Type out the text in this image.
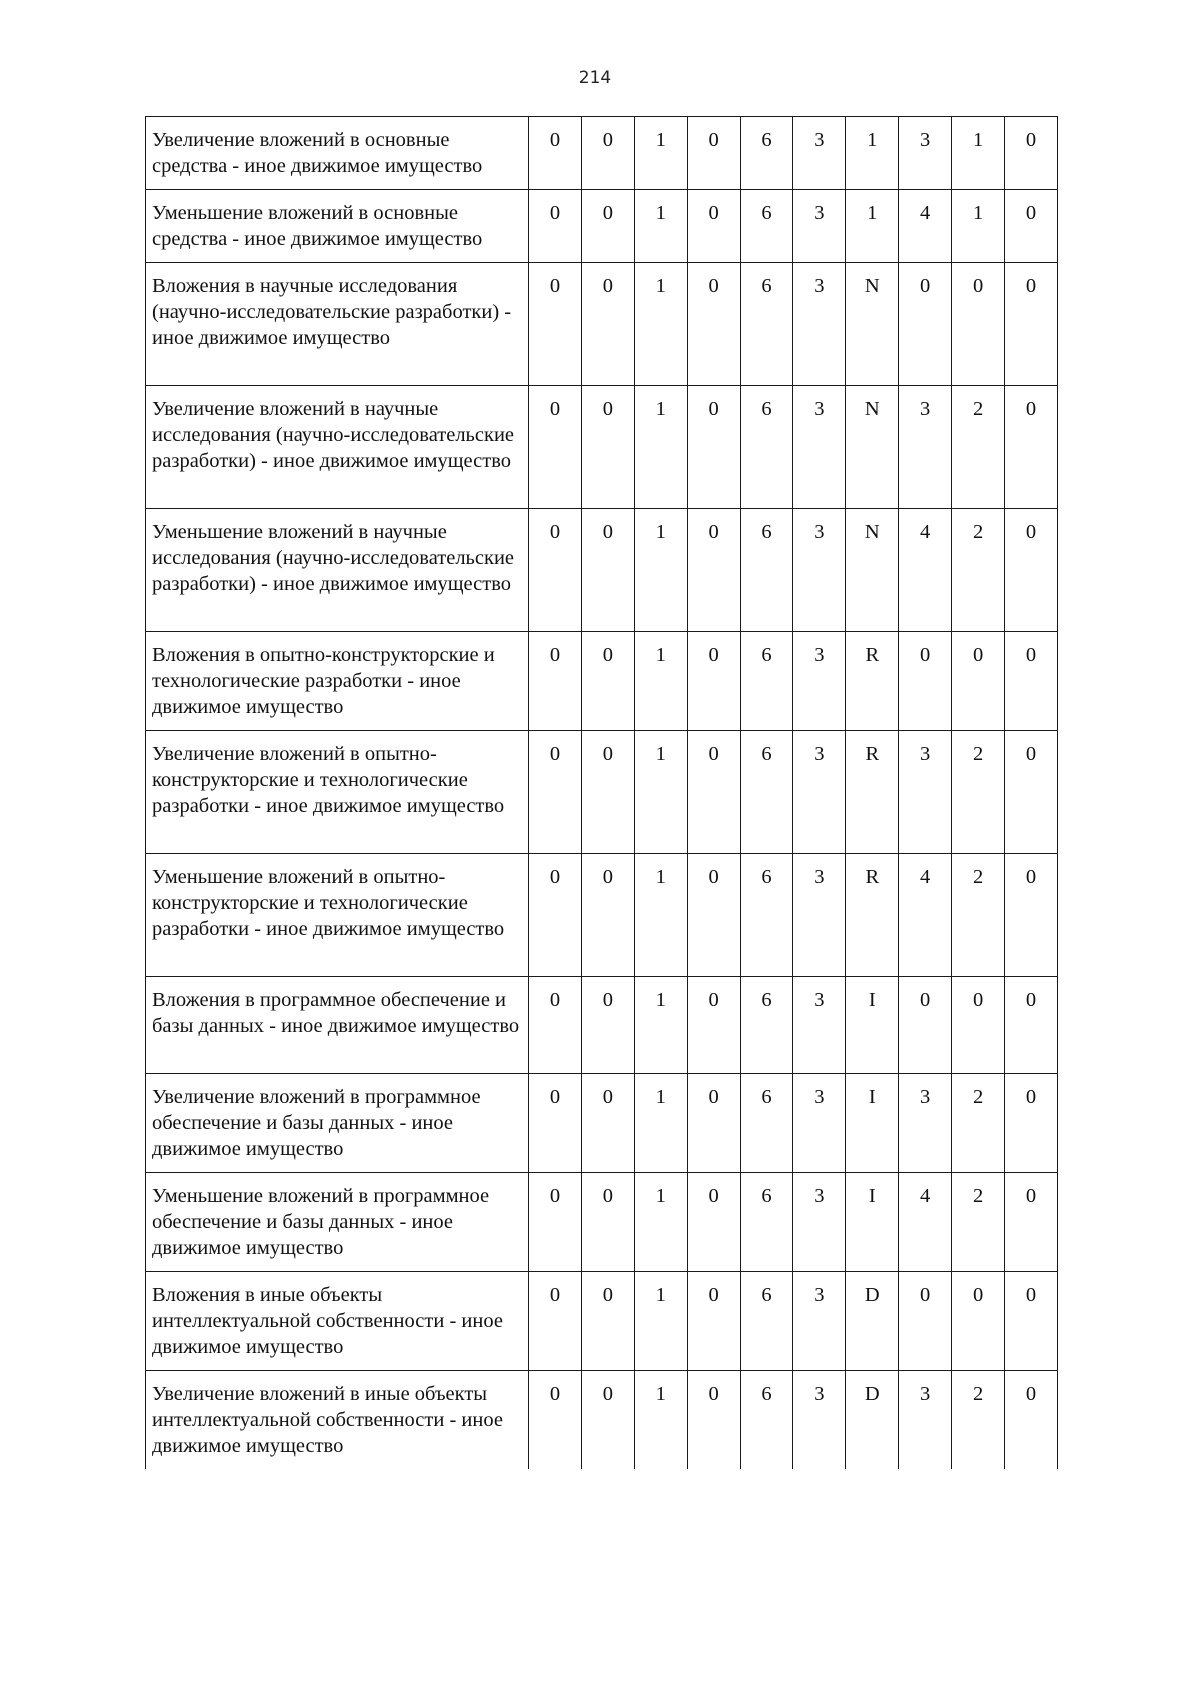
214
Увеличение вложений в основные средства - иное движимое имущество	0	0	1	0	6	3	1	3	1	0
Уменьшение вложений в основные средства - иное движимое имущество	0	0	1	0	6	3	1	4	1	0
Вложения в научные исследования (научно-исследовательские разработки) - иное движимое имущество	0	0	1	0	6	3	N	0	0	0
Увеличение вложений в научные исследования (научно-исследовательские разработки) - иное движимое имущество	0	0	1	0	6	3	N	3	2	0
Уменьшение вложений в научные исследования (научно-исследовательские разработки) - иное движимое имущество	0	0	1	0	6	3	N	4	2	0
Вложения в опытно-конструкторские и технологические разработки - иное движимое имущество	0	0	1	0	6	3	R	0	0	0
Увеличение вложений в опытно-конструкторские и технологические разработки - иное движимое имущество	0	0	1	0	6	3	R	3	2	0
Уменьшение вложений в опытно-конструкторские и технологические разработки - иное движимое имущество	0	0	1	0	6	3	R	4	2	0
Вложения в программное обеспечение и базы данных - иное движимое имущество	0	0	1	0	6	3	I	0	0	0
Увеличение вложений в программное обеспечение и базы данных - иное движимое имущество	0	0	1	0	6	3	I	3	2	0
Уменьшение вложений в программное обеспечение и базы данных - иное движимое имущество	0	0	1	0	6	3	I	4	2	0
Вложения в иные объекты интеллектуальной собственности - иное движимое имущество	0	0	1	0	6	3	D	0	0	0
Увеличение вложений в иные объекты интеллектуальной собственности - иное движимое имущество	0	0	1	0	6	3	D	3	2	0
